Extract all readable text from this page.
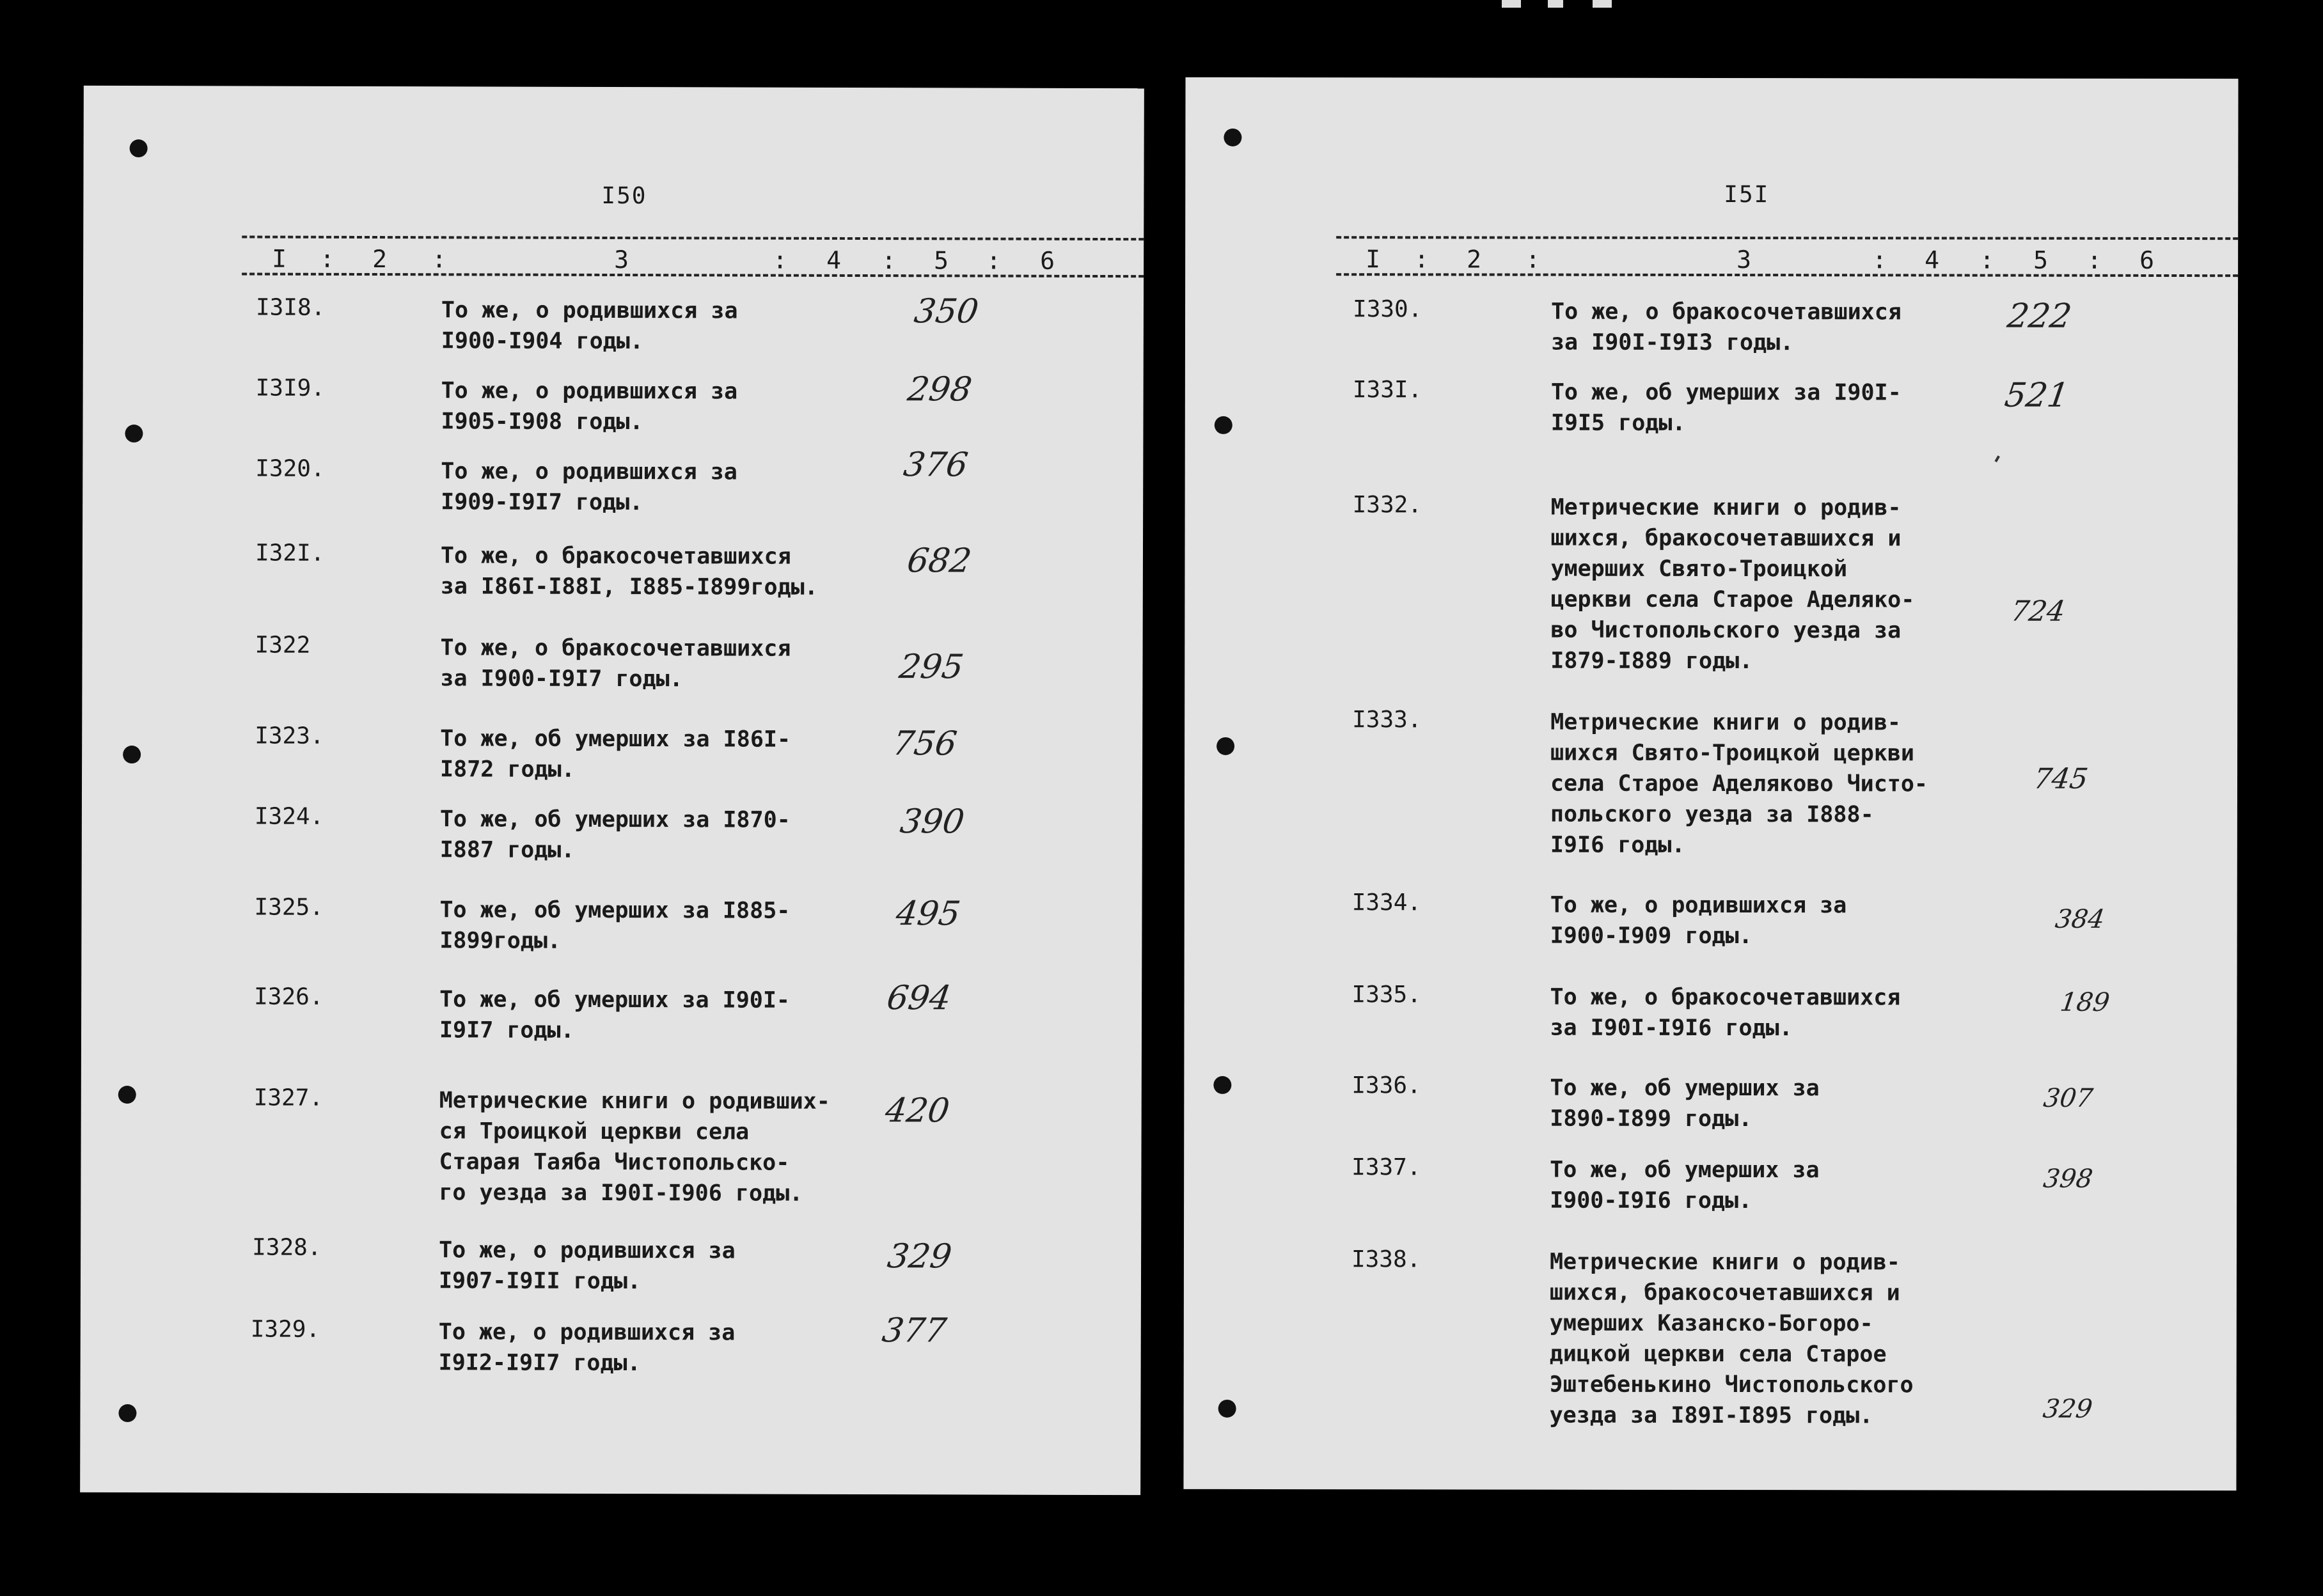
I50
I : 2 :	3	: 4 : 5 : 6
I3I8.	То же, о родившихся за
I900-I904 годы.
350
I3I9.	То же, о родившихся за
I905-I908 годы.
298
I320.	То же, о родившихся за
I909-I9I7 годы.
376
I32I.	То же, о бракосочетавшихся
за I86I-I88I, I885-I899годы.
682
I322	То же, о бракосочетавшихся
за I900-I9I7 годы.	295
I323.	То же, об умерших за I86I-
I872 годы.
756
I324.	То же, об умерших за I870-
I887 годы.
390
I325.	То же, об умерших за I885-
I899годы.
495
I326.	То же, об умерших за I90I-
I9I7 годы.
694
I327.	Метрические книги о родивших-
ся Троицкой церкви села
Старая Таяба Чистопольско-
го уезда за I90I-I906 годы.
420
I328.	То же, о родившихся за
I907-I9II годы.
329
I329.	То же, о родившихся за
I9I2-I9I7 годы.
377
I5I
I : 2 :	3	: 4 : 5 : 6
I330.	То же, о бракосочетавшихся
за I90I-I9I3 годы.
222
I33I.	То же, об умерших за I90I-
I9I5 годы.
521
I332.	Метрические книги о родив-
шихся, бракосочетавшихся и
умерших Свято-Троицкой
церкви села Старое Аделяко-
во Чистопольского уезда за
I879-I889 годы.
724
I333.	Метрические книги о родив-
шихся Свято-Троицкой церкви
села Старое Аделяково Чисто-
польского уезда за I888-
I9I6 годы.
745
I334.	То же, о родившихся за
I900-I909 годы.
384
I335.	То же, о бракосочетавшихся
за I90I-I9I6 годы.
189
I336.	То же, об умерших за
I890-I899 годы.
307
I337.	То же, об умерших за
I900-I9I6 годы.
398
I338.	Метрические книги о родив-
шихся, бракосочетавшихся и
умерших Казанско-Богоро-
дицкой церкви села Старое
Эштебенькино Чистопольского
уезда за I89I-I895 годы.	329
